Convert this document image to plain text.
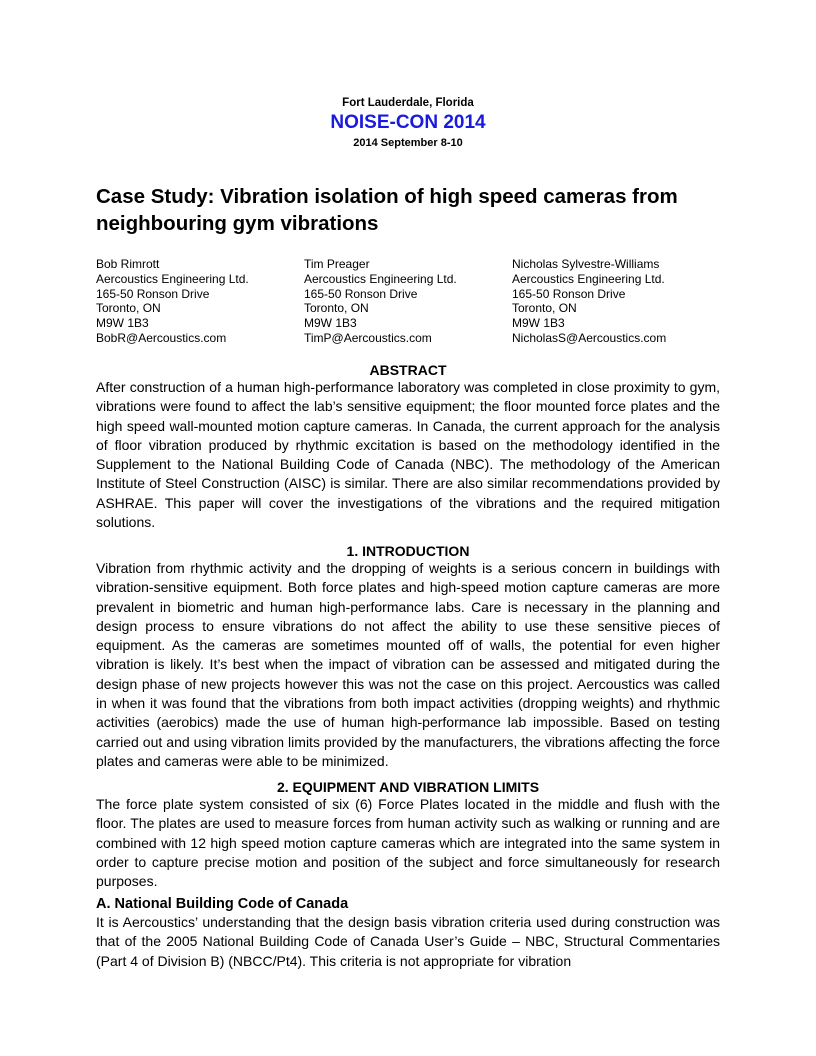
Fort Lauderdale, Florida
NOISE-CON 2014
2014 September 8-10
Case Study: Vibration isolation of high speed cameras from neighbouring gym vibrations
Bob Rimrott
Aercoustics Engineering Ltd.
165-50 Ronson Drive
Toronto, ON
M9W 1B3
BobR@Aercoustics.com
Tim Preager
Aercoustics Engineering Ltd.
165-50 Ronson Drive
Toronto, ON
M9W 1B3
TimP@Aercoustics.com
Nicholas Sylvestre-Williams
Aercoustics Engineering Ltd.
165-50 Ronson Drive
Toronto, ON
M9W 1B3
NicholasS@Aercoustics.com
ABSTRACT

After construction of a human high-performance laboratory was completed in close proximity to gym, vibrations were found to affect the lab’s sensitive equipment; the floor mounted force plates and the high speed wall-mounted motion capture cameras. In Canada, the current approach for the analysis of floor vibration produced by rhythmic excitation is based on the methodology identified in the Supplement to the National Building Code of Canada (NBC). The methodology of the American Institute of Steel Construction (AISC) is similar. There are also similar recommendations provided by ASHRAE. This paper will cover the investigations of the vibrations and the required mitigation solutions.

1. INTRODUCTION

Vibration from rhythmic activity and the dropping of weights is a serious concern in buildings with vibration-sensitive equipment. Both force plates and high-speed motion capture cameras are more prevalent in biometric and human high-performance labs. Care is necessary in the planning and design process to ensure vibrations do not affect the ability to use these sensitive pieces of equipment. As the cameras are sometimes mounted off of walls, the potential for even higher vibration is likely. It’s best when the impact of vibration can be assessed and mitigated during the design phase of new projects however this was not the case on this project. Aercoustics was called in when it was found that the vibrations from both impact activities (dropping weights) and rhythmic activities (aerobics) made the use of human high-performance lab impossible. Based on testing carried out and using vibration limits provided by the manufacturers, the vibrations affecting the force plates and cameras were able to be minimized.

2. EQUIPMENT AND VIBRATION LIMITS

The force plate system consisted of six (6) Force Plates located in the middle and flush with the floor. The plates are used to measure forces from human activity such as walking or running and are combined with 12 high speed motion capture cameras which are integrated into the same system in order to capture precise motion and position of the subject and force simultaneously for research purposes.

A. National Building Code of Canada

It is Aercoustics’ understanding that the design basis vibration criteria used during construction was that of the 2005 National Building Code of Canada User’s Guide – NBC, Structural Commentaries (Part 4 of Division B) (NBCC/Pt4). This criteria is not appropriate for vibration
